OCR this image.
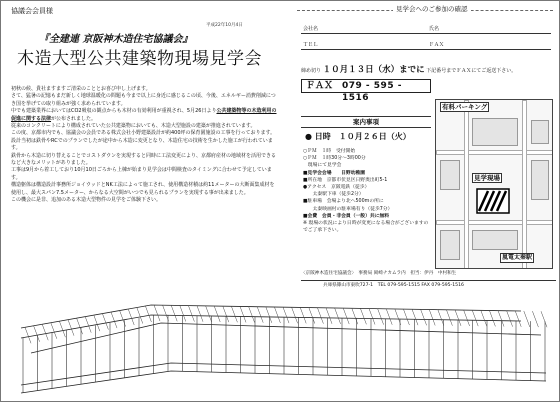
協議会会員様
平成22年10月4日
『全建連 京阪神木造住宅協議会』
木造大型公共建築物現場見学会

初秋の候、貴社ますますご清栄のこととお喜び申し上げます。

さて、猛暑の記憶もまだ新しく地球温暖化の問題も今まで以上に身近に感じるこの頃、今後、エネルギー消費削減につき国を挙げての取り組みが強く求められています。

中でも建築業界においてはCO2吸収の観点からも木材の有効利用が重視され、5月26日より公共建築物等の木造利用の促進に関する法律が公布されました。

従来のコンクリートにより構成されていた公共建築物においても、木造大型施設の建築が推進されています。

この度、京都市内でも、協議会の会員である株式会社小野建築設計が約400坪の保育園施設の工事を行っております。設計当初は鉄骨やRCでのプランでしたが途中から木造に変更となり、木造住宅の技術を生かした施工が行われています。

鉄骨から木造に切り替えることでコストダウンを実現すると同時に工法変更により、京都府産材の地域材を活用できるなど大きなメリットがありました。

工事は9月から着工しており10月10日ごろから上棟が始まり見学会は中間検査のタイミングに合わせて予定しています。

構造躯体は構造設計事務所ジョイウッドとNK工法によって施工され、使用構造材積は約11メーターの大断面集成材を使用し、最大スパン7.5メーター、からなる大空間がいつでも見られるプランを実現する事が出来ました。

この機会に是非、追加のある木造大型物件の見学をご体験下さい。

見学会へのご参加の確認
会社名	氏名
ＴＥＬ	ＦＡＸ
締め切り １０月１３日（水）までに 下記番号までＦＡＸにてご返送下さい。
ＦＡＸ 079 - 595 - 1516
案内事項
● 日時　１０月２６日（火）
○ＰＭ　１時　受付開始
○ＰＭ　１時30分～3時00分
　現場にて見学会
■見学会会場　　日野幼稚園
■所在地　京都市伏見区日野奥出町5-1
●アクセス　京阪電鉄（徒歩）
　　太秦駅下車（徒歩2分）
■駐車場　会場より北へ500mの所に
　　太秦映画村の駐車場有り（徒歩7分）
■会費　会員・非会員（一般）共に無料
※ 現場の状況により日時が変更になる場合がございますのでご了承下さい。
有料パーキング
見学現場
嵐電太秦駅
〈京阪神木造住宅協議会〉　事務局 岡崎ナカムラ内　担当：伊丹　中村和生
兵庫県篠山市東吹727-1　TEL 079-595-1515 FAX 079-595-1516
